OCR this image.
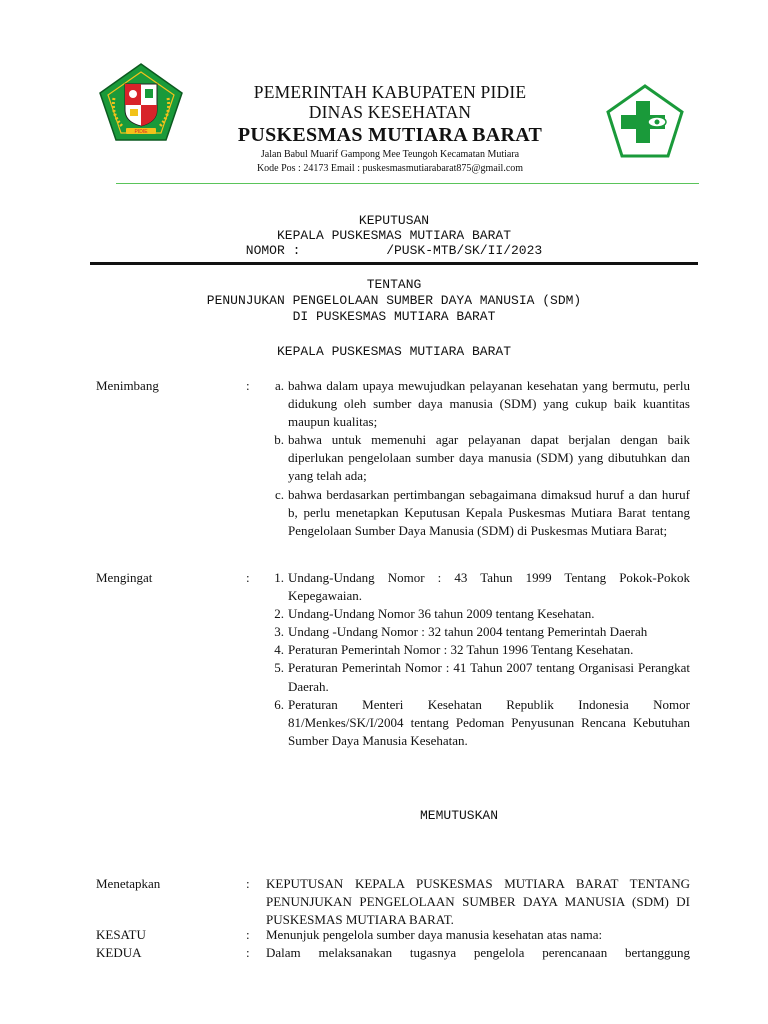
PIDIE
PEMERINTAH KABUPATEN PIDIE
DINAS KESEHATAN
PUSKESMAS MUTIARA BARAT
Jalan Babul Muarif Gampong Mee Teungoh Kecamatan Mutiara
Kode Pos : 24173 Email : puskesmasmutiarabarat875@gmail.com
KEPUTUSAN
KEPALA PUSKESMAS MUTIARA BARAT
NOMOR :           /PUSK-MTB/SK/II/2023
TENTANG
PENUNJUKAN PENGELOLAAN SUMBER DAYA MANUSIA (SDM)
DI PUSKESMAS MUTIARA BARAT
KEPALA PUSKESMAS MUTIARA BARAT
Menimbang	:	a. bahwa dalam upaya mewujudkan pelayanan kesehatan yang bermutu, perlu didukung oleh sumber daya manusia (SDM) yang cukup baik kuantitas maupun kualitas;
b. bahwa untuk memenuhi agar pelayanan dapat berjalan dengan baik diperlukan pengelolaan sumber daya manusia (SDM) yang dibutuhkan dan yang telah ada;
c. bahwa berdasarkan pertimbangan sebagaimana dimaksud huruf a dan huruf b, perlu menetapkan Keputusan Kepala Puskesmas Mutiara Barat tentang Pengelolaan Sumber Daya Manusia (SDM) di Puskesmas Mutiara Barat;
Mengingat	:	1. Undang-Undang Nomor : 43 Tahun 1999 Tentang Pokok-Pokok Kepegawaian.
2. Undang-Undang Nomor 36 tahun 2009 tentang Kesehatan.
3. Undang -Undang Nomor : 32 tahun 2004 tentang Pemerintah Daerah
4. Peraturan Pemerintah Nomor : 32 Tahun 1996 Tentang Kesehatan.
5. Peraturan Pemerintah Nomor : 41 Tahun 2007 tentang Organisasi Perangkat Daerah.
6. Peraturan Menteri Kesehatan Republik Indonesia Nomor 81/Menkes/SK/I/2004 tentang Pedoman Penyusunan Rencana Kebutuhan Sumber Daya Manusia Kesehatan.
MEMUTUSKAN
Menetapkan	: KEPUTUSAN KEPALA PUSKESMAS MUTIARA BARAT TENTANG PENUNJUKAN PENGELOLAAN SUMBER DAYA MANUSIA (SDM) DI PUSKESMAS MUTIARA BARAT.
KESATU	: Menunjuk pengelola sumber daya manusia kesehatan atas nama:
KEDUA	: Dalam melaksanakan tugasnya pengelola perencanaan bertanggung
